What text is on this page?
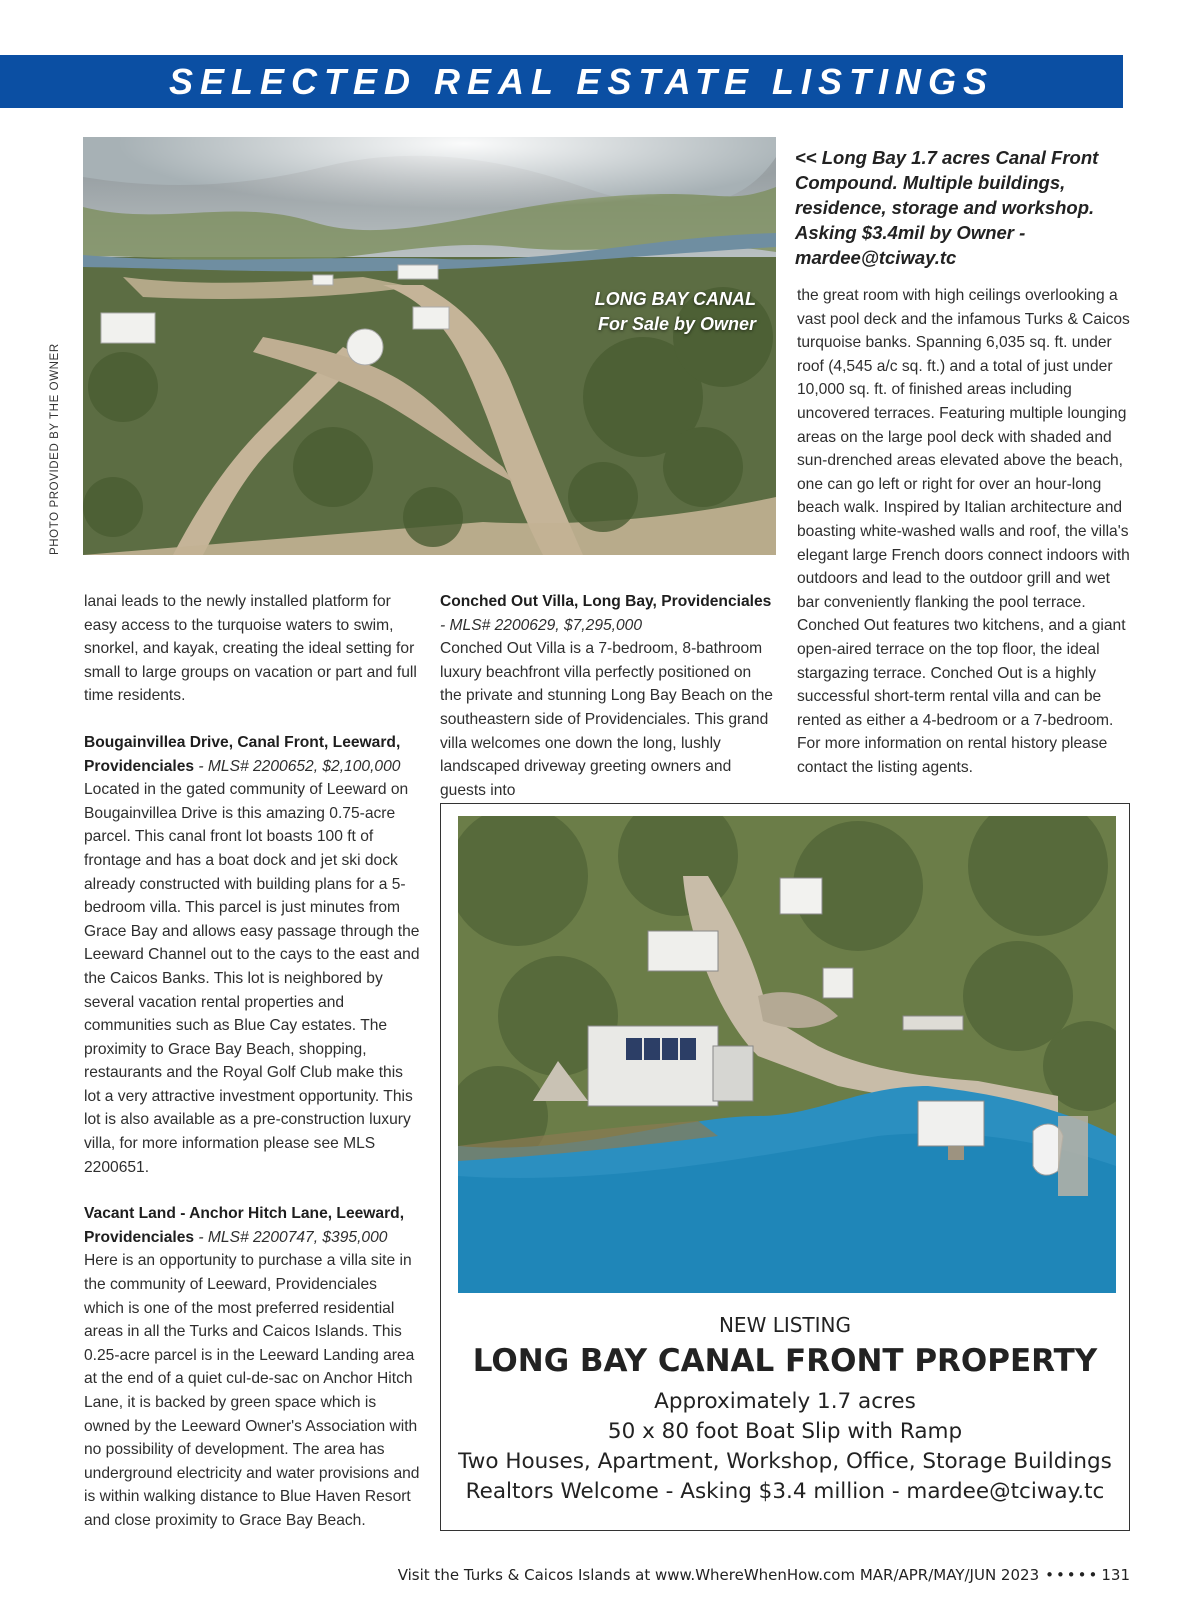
SELECTED REAL ESTATE LISTINGS
PHOTO PROVIDED BY THE OWNER
LONG BAY CANAL
For Sale by Owner
<< Long Bay 1.7 acres Canal Front Compound. Multiple buildings, residence, storage and workshop. Asking $3.4mil by Owner - mardee@tciway.tc

lanai leads to the newly installed platform for easy access to the turquoise waters to swim, snorkel, and kayak, creating the ideal setting for small to large groups on vacation or part and full time residents.

Bougainvillea Drive, Canal Front, Leeward, Providenciales - MLS# 2200652, $2,100,000

Located in the gated community of Leeward on Bougainvillea Drive is this amazing 0.75-acre parcel. This canal front lot boasts 100 ft of frontage and has a boat dock and jet ski dock already constructed with building plans for a 5-bedroom villa. This parcel is just minutes from Grace Bay and allows easy passage through the Leeward Channel out to the cays to the east and the Caicos Banks. This lot is neighbored by several vacation rental properties and communities such as Blue Cay estates. The proximity to Grace Bay Beach, shopping, restaurants and the Royal Golf Club make this lot a very attractive investment opportunity. This lot is also available as a pre-construction luxury villa, for more information please see MLS 2200651.

Vacant Land - Anchor Hitch Lane, Leeward, Providenciales - MLS# 2200747, $395,000

Here is an opportunity to purchase a villa site in the community of Leeward, Providenciales which is one of the most preferred residential areas in all the Turks and Caicos Islands. This 0.25-acre parcel is in the Leeward Landing area at the end of a quiet cul-de-sac on Anchor Hitch Lane, it is backed by green space which is owned by the Leeward Owner's Association with no possibility of development. The area has underground electricity and water provisions and is within walking distance to Blue Haven Resort and close proximity to Grace Bay Beach.

Conched Out Villa, Long Bay, Providenciales

- MLS# 2200629, $7,295,000

Conched Out Villa is a 7-bedroom, 8-bathroom luxury beachfront villa perfectly positioned on the private and stunning Long Bay Beach on the southeastern side of Providenciales. This grand villa welcomes one down the long, lushly landscaped driveway greeting owners and guests into

the great room with high ceilings overlooking a vast pool deck and the infamous Turks & Caicos turquoise banks. Spanning 6,035 sq. ft. under roof (4,545 a/c sq. ft.) and a total of just under 10,000 sq. ft. of finished areas including uncovered terraces. Featuring multiple lounging areas on the large pool deck with shaded and sun-drenched areas elevated above the beach, one can go left or right for over an hour-long beach walk. Inspired by Italian architecture and boasting white-washed walls and roof, the villa's elegant large French doors connect indoors with outdoors and lead to the outdoor grill and wet bar conveniently flanking the pool terrace. Conched Out features two kitchens, and a giant open-aired terrace on the top floor, the ideal stargazing terrace. Conched Out is a highly successful short-term rental villa and can be rented as either a 4-bedroom or a 7-bedroom. For more information on rental history please contact the listing agents.

NEW LISTING
LONG BAY CANAL FRONT PROPERTY
Approximately 1.7 acres
50 x 80 foot Boat Slip with Ramp
Two Houses, Apartment, Workshop, Office, Storage Buildings
Realtors Welcome - Asking $3.4 million - mardee@tciway.tc
Visit the Turks & Caicos Islands at www.WhereWhenHow.com MAR/APR/MAY/JUN 2023 ••••• 131
